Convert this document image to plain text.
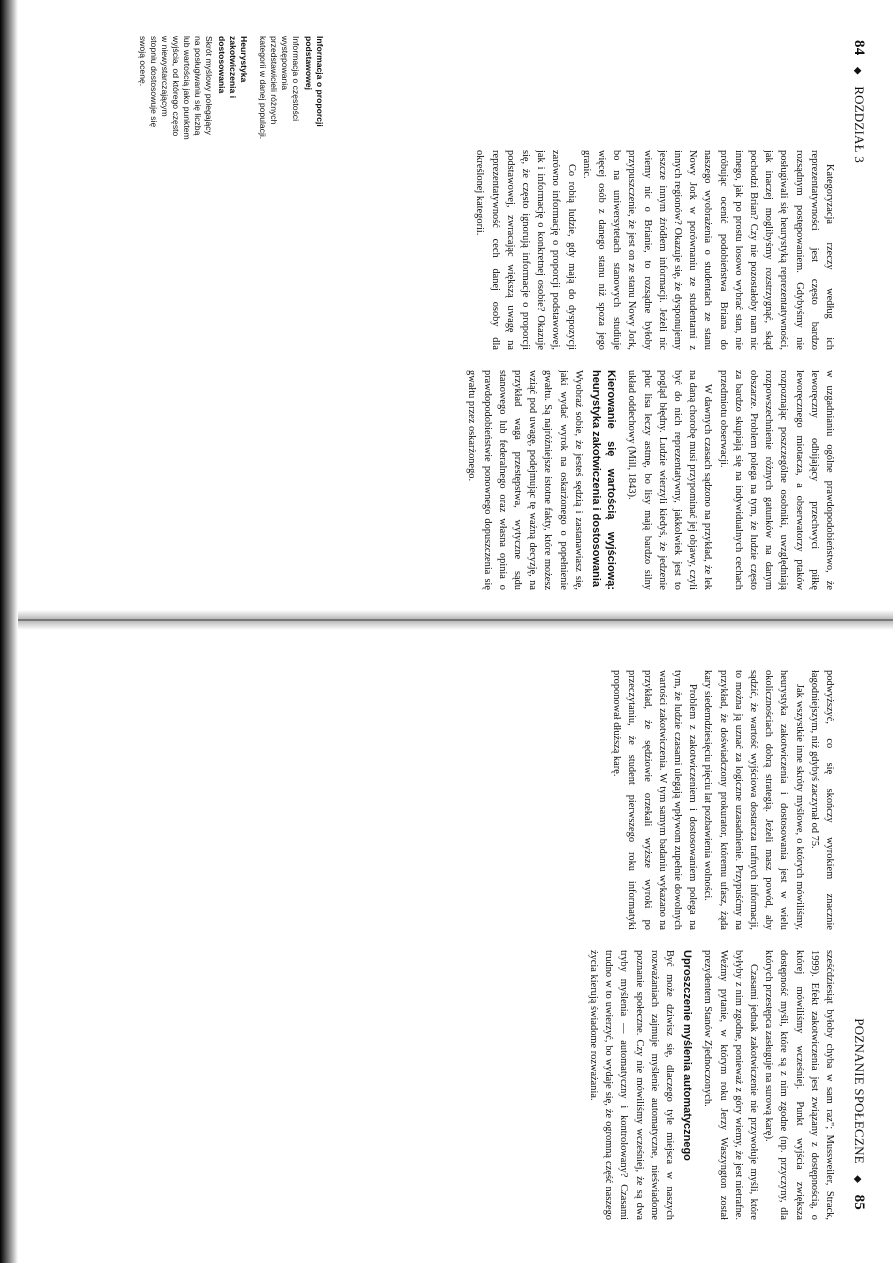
84 ◆ ROZDZIAŁ 3

Kategoryzacja rzeczy według ich reprezentatywności jest często bardzo rozsądnym postępowaniem. Gdybyśmy nie posługiwali się heurystyką reprezentatywności, jak inaczej moglibyśmy rozstrzygnąć, skąd pochodzi Brian? Czy nie pozostałoby nam nic innego, jak po prostu losowo wybrać stan, nie próbując ocenić podobieństwa Briana do naszego wyobrażenia o studentach ze stanu Nowy Jork w porównaniu ze studentami z innych regionów? Okazuje się, że dysponujemy jeszcze innym źródłem informacji. Jeżeli nic wiemy nic o Brianie, to rozsądne byłoby przypuszczenie, że jest on ze stanu Nowy Jork, bo na uniwersytetach stanowych studiuje więcej osób z danego stanu niż spoza jego granic.

Co robią ludzie, gdy mają do dyspozycji zarówno informację o proporcji podstawowej, jak i informację o konkretnej osobie? Okazuje się, że często ignorują informacje o proporcji podstawowej, zwracając większą uwagę na reprezentatywność cech danej osoby dla określonej kategorii.

Informacja o proporcji podstawowej
Informacja o częstości występowania przedstawicieli różnych kategorii w danej populacji.
Heurystyka zakotwiczenia i dostosowania
Skrót myślowy polegający na posługiwaniu się liczbą lub wartością jako punktem wyjścia, od którego często w niewystarczającym stopniu dostosowuje się swoją ocenę.

w uzgadnianiu ogólne prawdopodobieństwo, że leworęczny odbijający przechwyci piłkę leworęcznego miotacza, a obserwatorzy ptaków rozpoznając poszczególne osobniki, uwzględniają rozpowszechnienie różnych gatunków na danym obszarze. Problem polega na tym, że ludzie często za bardzo skupiają się na indywidualnych cechach przedmiotu obserwacji.

W dawnych czasach sądzono na przykład, że lek na daną chorobę musi przypominać jej objawy, czyli być do nich reprezentatywny, jakkolwiek jest to pogląd błędny. Ludzie wierzyli kiedyś, że jedzenie płuc lisa leczy astmę, bo lisy mają bardzo silny układ oddechowy (Mill, 1843).

Kierowanie się wartością wyjściową: heurystyka zakotwiczenia i dostosowania

Wyobraź sobie, że jesteś sędzią i zastanawiasz się, jaki wydać wyrok na oskarżonego o popełnienie gwałtu. Są najróżniejsze istotne fakty, które możesz wziąć pod uwagę, podejmując tę ważną decyzję, na przykład waga przestępstwa, wytyczne sądu stanowego lub federalnego oraz własna opinia o prawdopodobieństwie ponownego dopuszczenia się gwałtu przez oskarżonego.

POZNANIE SPOŁECZNE ◆ 85

podwyższyć, co się skończy wyrokiem znacznie łagodniejszym, niż gdybyś zaczynał od 75.

Jak wszystkie inne skróty myślowe, o których mówiliśmy, heurystyka zakotwiczenia i dostosowania jest w wielu okolicznościach dobrą strategią. Jeżeli masz powód, aby sądzić, że wartość wyjściowa dostarcza trafnych informacji, to można ją uznać za logiczne uzasadnienie. Przypuśćmy na przykład, że doświadczony prokurator, któremu ufasz, żąda kary siedemdziesięciu pięciu lat pozbawienia wolności.

Problem z zakotwiczeniem i dostosowaniem polega na tym, że ludzie czasami ulegają wpływom zupełnie dowolnych wartości zakotwiczenia. W tym samym badaniu wykazano na przykład, że sędziowie orzekali wyższe wyroki po przeczytaniu, że student pierwszego roku informatyki proponował dłuższą karę.

sześćdziesiąt byłoby chyba w sam raz"; Mussweiler, Strack, 1999). Efekt zakotwiczenia jest związany z dostępnością, o której mówiliśmy wcześniej. Punkt wyjścia zwiększa dostępność myśli, które są z nim zgodne (np. przyczyny, dla których przestępca zasługuje na surową karę).

Czasami jednak zakotwiczenie nie przywołuje myśli, które byłyby z nim zgodne, ponieważ z góry wiemy, że jest nietrafne. Weźmy pytanie, w którym roku Jerzy Waszyngton został prezydentem Stanów Zjednoczonych.

Uproszczenie myślenia automatycznego

Być może dziwisz się, dlaczego tyle miejsca w naszych rozważaniach zajmuje myślenie automatyczne, nieświadome poznanie społeczne. Czy nie mówiliśmy wcześniej, że są dwa tryby myślenia — automatyczny i kontrolowany? Czasami trudno w to uwierzyć, bo wydaje się, że ogromną część naszego życia kierują świadome rozważania.
